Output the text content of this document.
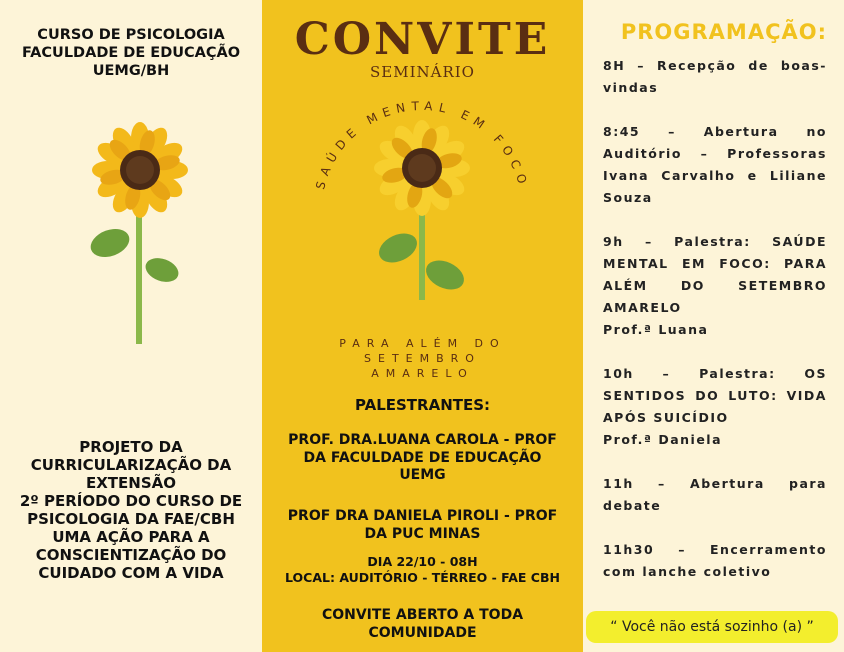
CURSO DE PSICOLOGIA
FACULDADE DE EDUCAÇÃO
UEMG/BH
PROJETO DA
CURRICULARIZAÇÃO DA
EXTENSÃO
2º PERÍODO DO CURSO DE
PSICOLOGIA DA FAE/CBH
UMA AÇÃO PARA A
CONSCIENTIZAÇÃO DO
CUIDADO COM A VIDA
CONVITE
SEMINÁRIO
SAÚDE MENTAL EM FOCO
PARA ALÉM DO
SETEMBRO
AMARELO
PALESTRANTES:
PROF. DRA.LUANA CAROLA - PROF
DA FACULDADE DE EDUCAÇÃO
UEMG
PROF DRA DANIELA PIROLI - PROF
DA PUC MINAS
DIA 22/10 - 08H
LOCAL: AUDITÓRIO - TÉRREO - FAE CBH
CONVITE ABERTO A TODA
COMUNIDADE
PROGRAMAÇÃO:
8H – Recepção de boas-vindas
8:45 – Abertura no Auditório – Professoras Ivana Carvalho e Liliane Souza
9h – Palestra: SAÚDE MENTAL EM FOCO: PARA ALÉM DO SETEMBRO AMARELO
Prof.ª Luana
10h – Palestra: OS SENTIDOS DO LUTO: VIDA APÓS SUICÍDIO
Prof.ª Daniela
11h – Abertura para debate
11h30 – Encerramento com lanche coletivo
“ Você não está sozinho (a) ”
